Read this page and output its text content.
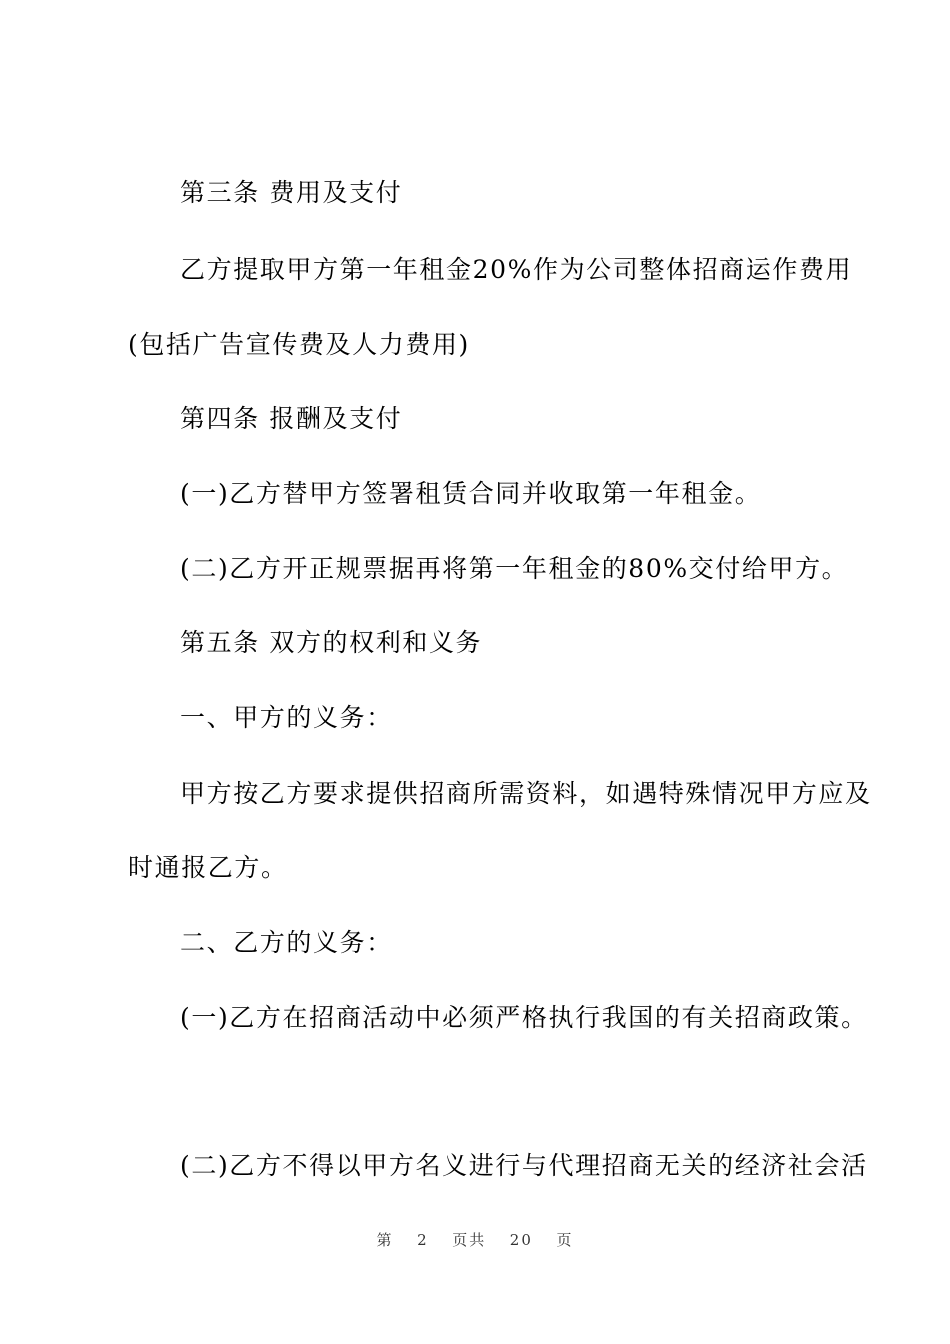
第三条 费用及支付
乙方提取甲方第一年租金20%作为公司整体招商运作费用
(包括广告宣传费及人力费用)
第四条 报酬及支付
(一)乙方替甲方签署租赁合同并收取第一年租金。
(二)乙方开正规票据再将第一年租金的80%交付给甲方。
第五条 双方的权利和义务
一、甲方的义务：
甲方按乙方要求提供招商所需资料，如遇特殊情况甲方应及
时通报乙方。
二、乙方的义务：
(一)乙方在招商活动中必须严格执行我国的有关招商政策。
(二)乙方不得以甲方名义进行与代理招商无关的经济社会活
第 2 页共 20 页
